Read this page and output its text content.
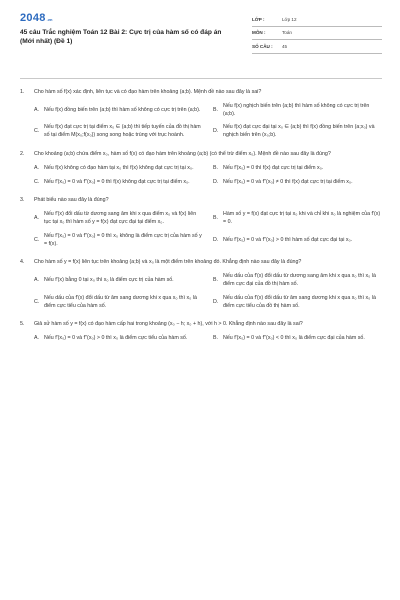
2048 .vn
45 câu Trắc nghiệm Toán 12 Bài 2: Cực trị của hàm số có đáp án (Mới nhất) (Đề 1)
LỚP :	Lớp 12
MÔN :	Toán
SỐ CÂU :	45
1.	Cho hàm số f(x) xác định, liên tục và có đạo hàm trên khoảng (a;b). Mệnh đề nào sau đây là sai?
A. Nếu f(x) đồng biến trên (a;b) thì hàm số không có cực trị trên (a;b).	B.
Nếu f(x) nghịch biến trên (a;b) thì hàm số không có cực trị trên (a;b).
C.
Nếu f(x) đạt cực trị tại điểm x₀ ∈ (a;b) thì tiếp tuyến của đồ thị hàm số tại điểm M(x₀;f(x₀)) song song hoặc trùng với trục hoành.
D.
Nếu f(x) đạt cực đại tại x₀ ∈ (a;b) thì f(x) đồng biến trên (a;x₀) và nghịch biến trên (x₀;b).
2.	Cho khoảng (a;b) chứa điểm x₀, hàm số f(x) có đạo hàm trên khoảng (a;b) (có thể trừ điểm x₀). Mệnh đề nào sau đây là đúng?
A. Nếu f(x) không có đạo hàm tại x₀ thì f(x) không đạt cực trị tại x₀.	B. Nếu f'(x₀) = 0 thì f(x) đạt cực trị tại điểm x₀.
C. Nếu f'(x₀) = 0 và f''(x₀) = 0 thì f(x) không đạt cực trị tại điểm x₀.	D. Nếu f'(x₀) = 0 và f''(x₀) ≠ 0 thì f(x) đạt cực trị tại điểm x₀.
3.	Phát biểu nào sau đây là đúng?
A.
Nếu f'(x) đổi dấu từ dương sang âm khi x qua điểm x₀ và f(x) liên tục tại x₀ thì hàm số y = f(x) đạt cực đại tại điểm x₀.
B.
Hàm số y = f(x) đạt cực trị tại x₀ khi và chỉ khi x₀ là nghiệm của f'(x) = 0.
C.
Nếu f'(x₀) = 0 và f''(x₀) = 0 thì x₀ không là điểm cực trị của hàm số y = f(x).
D. Nếu f'(x₀) = 0 và f''(x₀) > 0 thì hàm số đạt cực đại tại x₀.
4.	Cho hàm số y = f(x) liên tục trên khoảng (a;b) và x₀ là một điểm trên khoảng đó. Khẳng định nào sau đây là đúng?
A. Nếu f'(x) bằng 0 tại x₀ thì x₀ là điểm cực trị của hàm số.	B.
Nếu dấu của f'(x) đổi dấu từ dương sang âm khi x qua x₀ thì x₀ là điểm cực đại của đồ thị hàm số.
C.
Nếu dấu của f'(x) đổi dấu từ âm sang dương khi x qua x₀ thì x₀ là điểm cực tiểu của hàm số.
D.
Nếu dấu của f'(x) đổi dấu từ âm sang dương khi x qua x₀ thì x₀ là điểm cực tiểu của đồ thị hàm số.
5.	Giả sử hàm số y = f(x) có đạo hàm cấp hai trong khoảng (x₀ − h; x₀ + h), với h > 0. Khẳng định nào sau đây là sai?
A. Nếu f'(x₀) = 0 và f''(x₀) > 0 thì x₀ là điểm cực tiểu của hàm số.	B. Nếu f'(x₀) = 0 và f''(x₀) < 0 thì x₀ là điểm cực đại của hàm số.
